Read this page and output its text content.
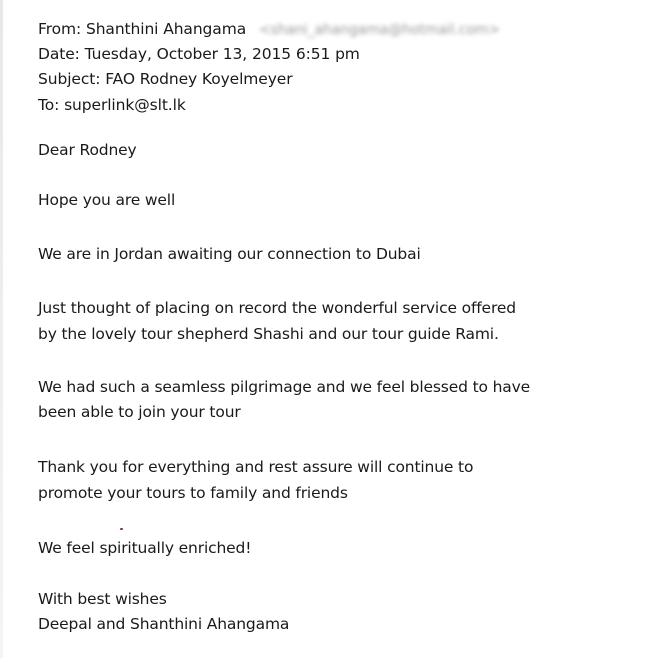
From: Shanthini Ahangama <shani_ahangama@hotmail.com>
Date: Tuesday, October 13, 2015 6:51 pm
Subject: FAO Rodney Koyelmeyer
To: superlink@slt.lk
Dear Rodney
Hope you are well
We are in Jordan awaiting our connection to Dubai
Just thought of placing on record the wonderful service offered
by the lovely tour shepherd Shashi and our tour guide Rami.
We had such a seamless pilgrimage and we feel blessed to have
been able to join your tour
Thank you for everything and rest assure will continue to
promote your tours to family and friends
We feel spiritually enriched!
With best wishes
Deepal and Shanthini Ahangama
